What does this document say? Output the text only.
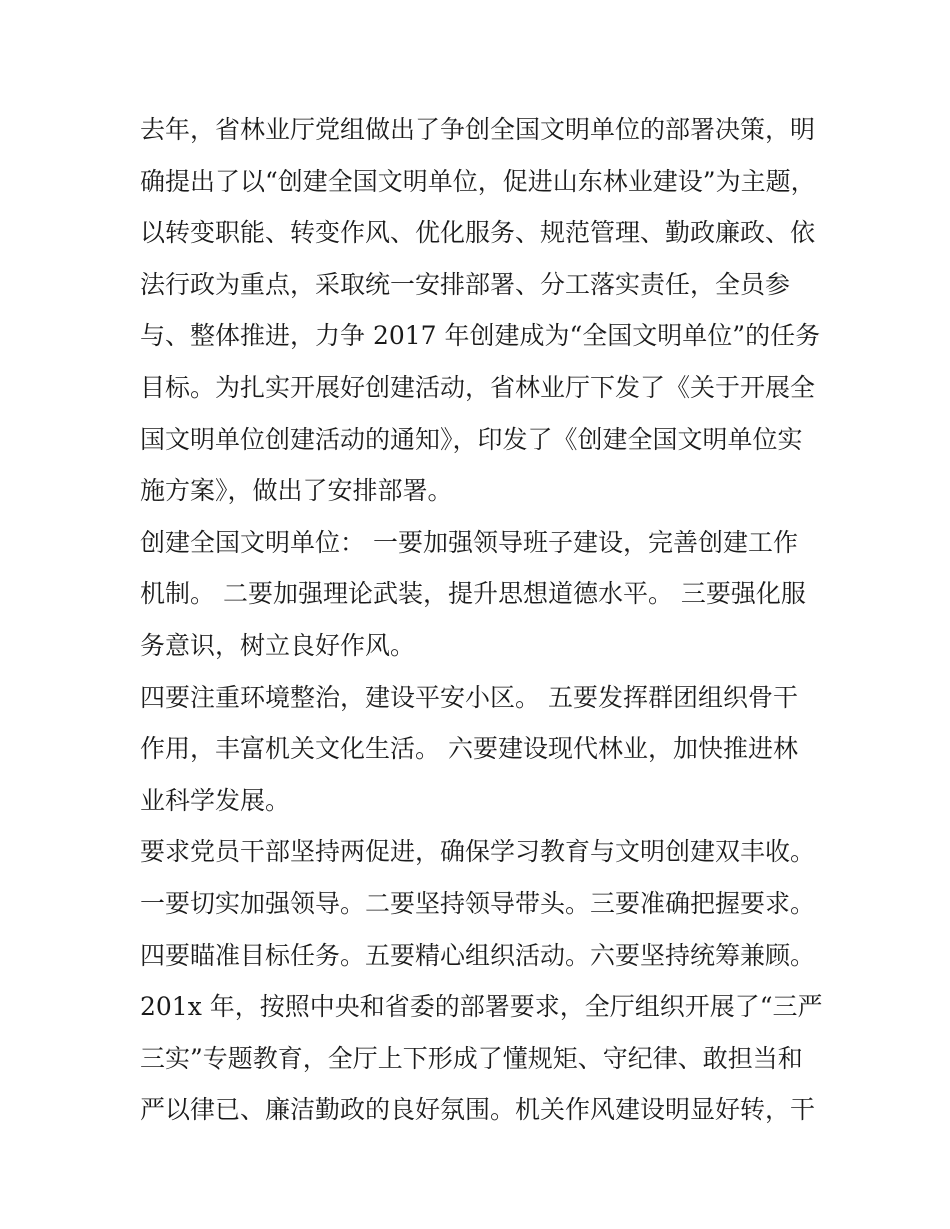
去年，省林业厅党组做出了争创全国文明单位的部署决策，明
确提出了以“创建全国文明单位，促进山东林业建设”为主题，
以转变职能、转变作风、优化服务、规范管理、勤政廉政、依
法行政为重点，采取统一安排部署、分工落实责任，全员参
与、整体推进，力争 2017 年创建成为“全国文明单位”的任务
目标。为扎实开展好创建活动，省林业厅下发了《关于开展全
国文明单位创建活动的通知》，印发了《创建全国文明单位实
施方案》，做出了安排部署。
创建全国文明单位： 一要加强领导班子建设，完善创建工作
机制。 二要加强理论武装，提升思想道德水平。 三要强化服
务意识，树立良好作风。
四要注重环境整治，建设平安小区。 五要发挥群团组织骨干
作用，丰富机关文化生活。 六要建设现代林业，加快推进林
业科学发展。
要求党员干部坚持两促进，确保学习教育与文明创建双丰收。
一要切实加强领导。二要坚持领导带头。三要准确把握要求。
四要瞄准目标任务。五要精心组织活动。六要坚持统筹兼顾。
201x 年，按照中央和省委的部署要求，全厅组织开展了“三严
三实”专题教育，全厅上下形成了懂规矩、守纪律、敢担当和
严以律已、廉洁勤政的良好氛围。机关作风建设明显好转，干
